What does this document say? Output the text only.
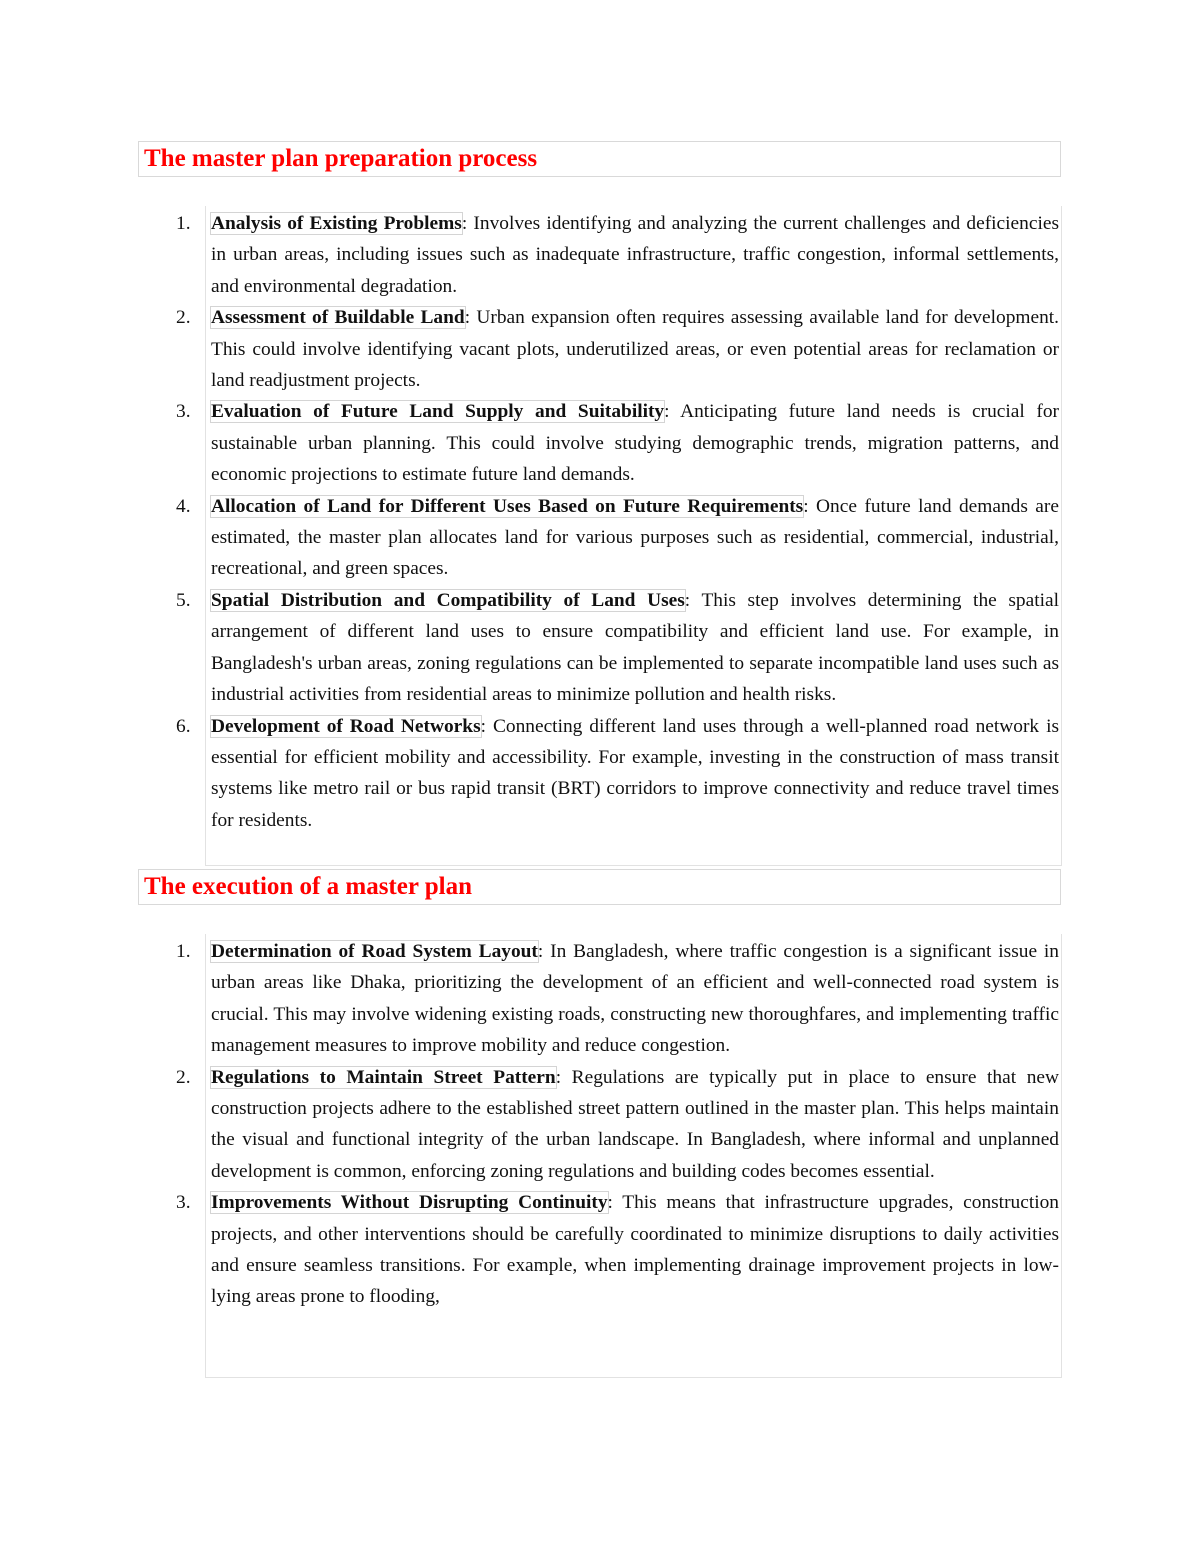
The master plan preparation process
1.	Analysis of Existing Problems: Involves identifying and analyzing the current challenges and deficiencies in urban areas, including issues such as inadequate infrastructure, traffic congestion, informal settlements, and environmental degradation.
2.	Assessment of Buildable Land: Urban expansion often requires assessing available land for development. This could involve identifying vacant plots, underutilized areas, or even potential areas for reclamation or land readjustment projects.
3.	Evaluation of Future Land Supply and Suitability: Anticipating future land needs is crucial for sustainable urban planning. This could involve studying demographic trends, migration patterns, and economic projections to estimate future land demands.
4.	Allocation of Land for Different Uses Based on Future Requirements: Once future land demands are estimated, the master plan allocates land for various purposes such as residential, commercial, industrial, recreational, and green spaces.
5.	Spatial Distribution and Compatibility of Land Uses: This step involves determining the spatial arrangement of different land uses to ensure compatibility and efficient land use. For example, in Bangladesh's urban areas, zoning regulations can be implemented to separate incompatible land uses such as industrial activities from residential areas to minimize pollution and health risks.
6.	Development of Road Networks: Connecting different land uses through a well-planned road network is essential for efficient mobility and accessibility. For example, investing in the construction of mass transit systems like metro rail or bus rapid transit (BRT) corridors to improve connectivity and reduce travel times for residents.
The execution of a master plan
1.	Determination of Road System Layout: In Bangladesh, where traffic congestion is a significant issue in urban areas like Dhaka, prioritizing the development of an efficient and well-connected road system is crucial. This may involve widening existing roads, constructing new thoroughfares, and implementing traffic management measures to improve mobility and reduce congestion.
2.	Regulations to Maintain Street Pattern: Regulations are typically put in place to ensure that new construction projects adhere to the established street pattern outlined in the master plan. This helps maintain the visual and functional integrity of the urban landscape. In Bangladesh, where informal and unplanned development is common, enforcing zoning regulations and building codes becomes essential.
3.	Improvements Without Disrupting Continuity: This means that infrastructure upgrades, construction projects, and other interventions should be carefully coordinated to minimize disruptions to daily activities and ensure seamless transitions. For example, when implementing drainage improvement projects in low-lying areas prone to flooding,
